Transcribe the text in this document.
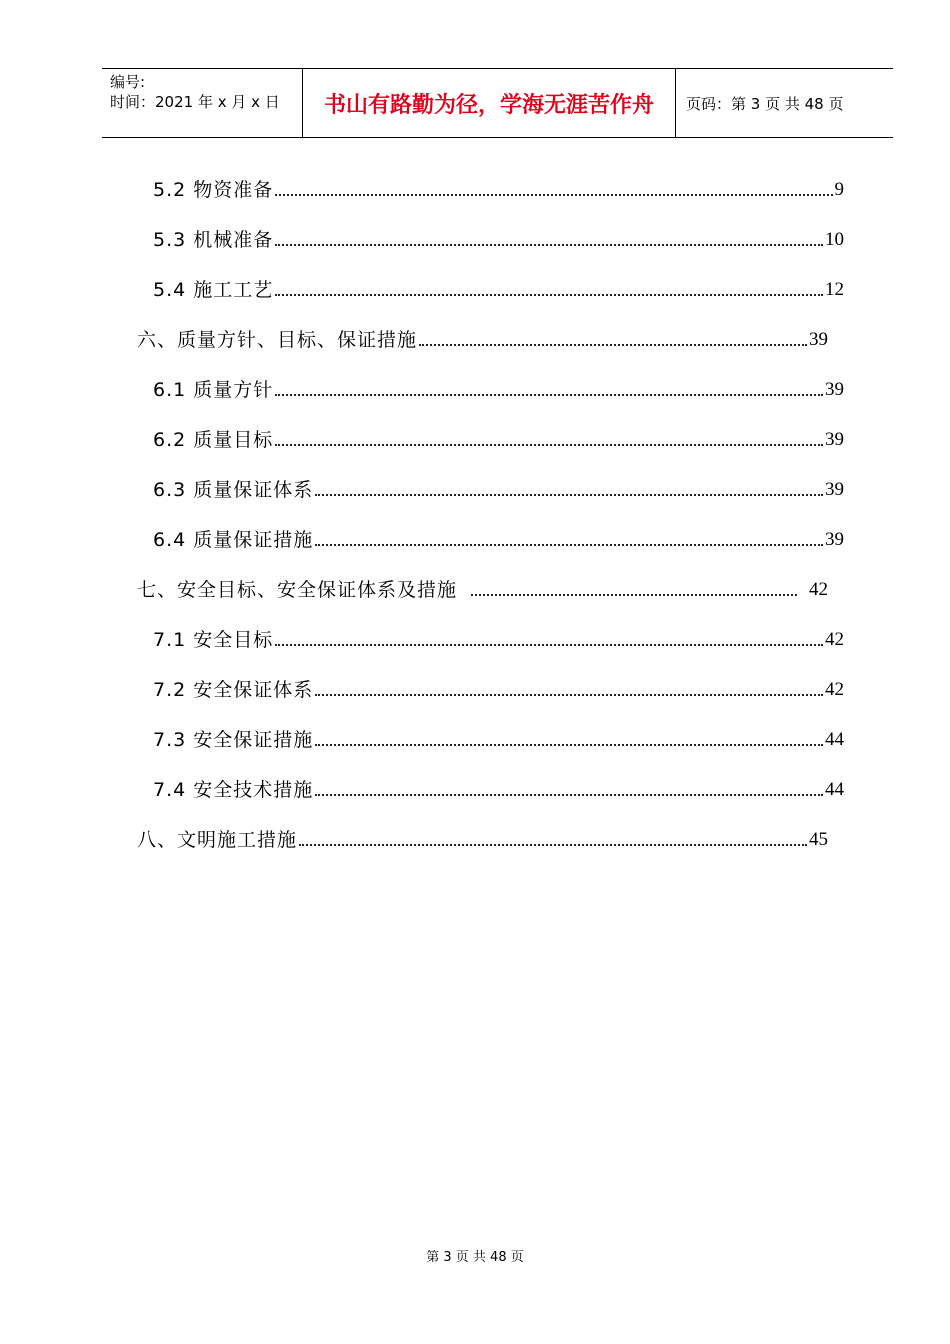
编号:
时间：2021 年 x 月 x 日	书山有路勤为径，学海无涯苦作舟	页码：第 3 页 共 48 页
5.2 物资准备	9
5.3 机械准备	10
5.4 施工工艺	12
六、质量方针、目标、保证措施	39
6.1 质量方针	39
6.2 质量目标	39
6.3 质量保证体系	39
6.4 质量保证措施	39
七、安全目标、安全保证体系及措施	42
7.1 安全目标	42
7.2 安全保证体系	42
7.3 安全保证措施	44
7.4 安全技术措施	44
八、文明施工措施	45
第 3 页 共 48 页
